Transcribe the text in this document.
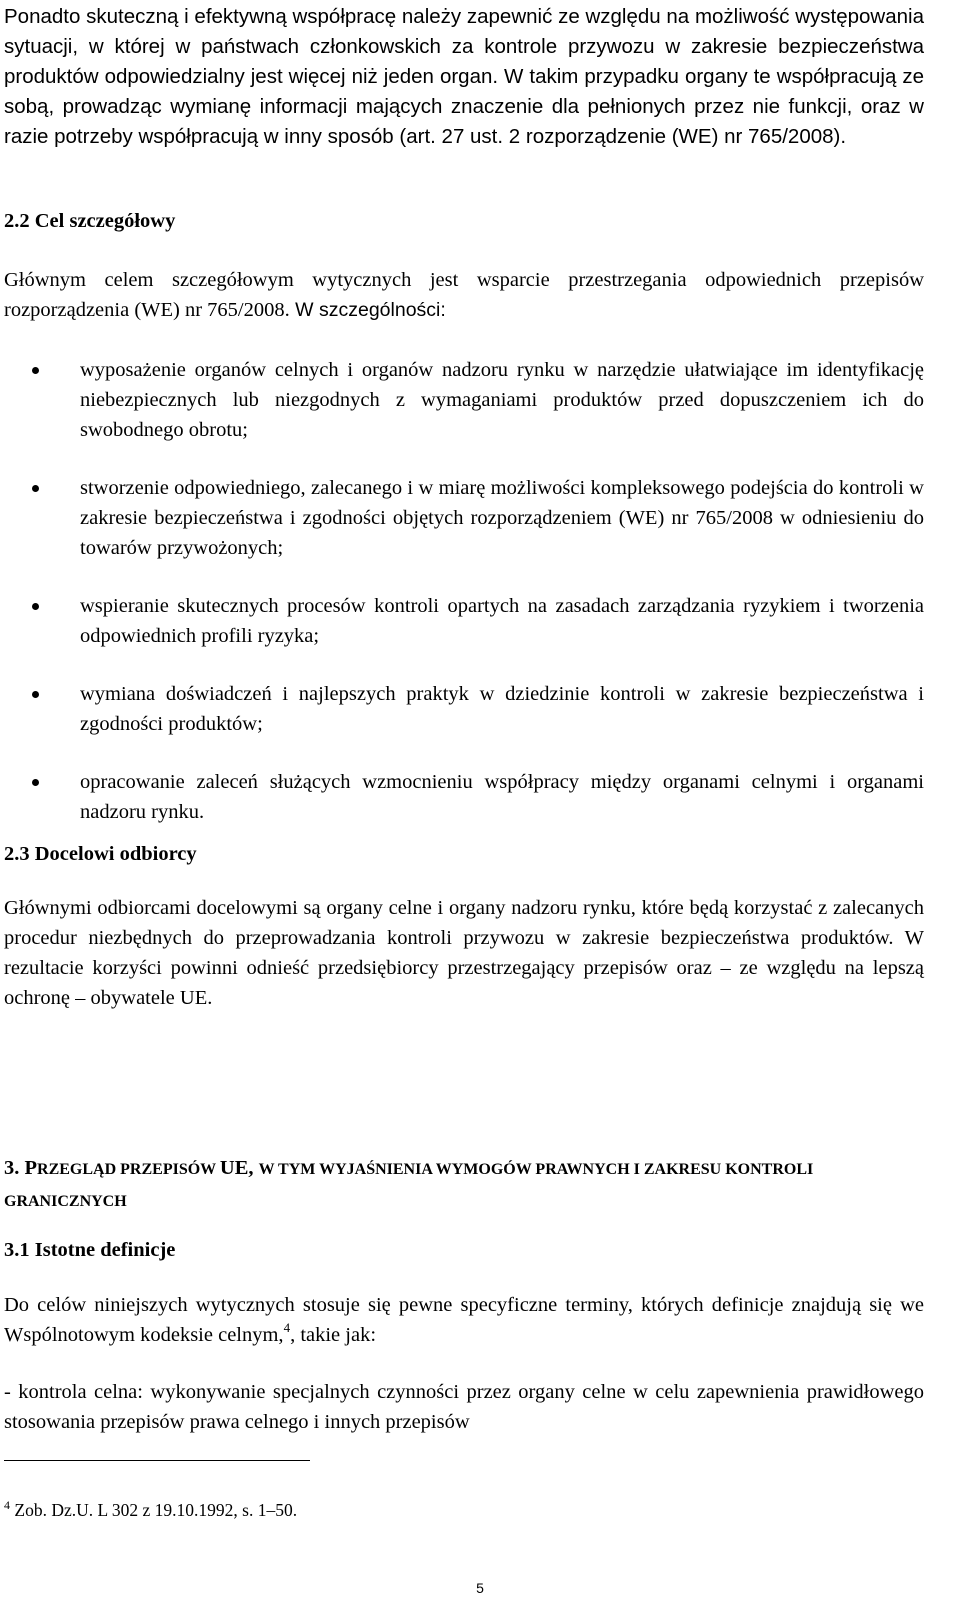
Ponadto skuteczną i efektywną współpracę należy zapewnić ze względu na możliwość występowania sytuacji, w której w państwach członkowskich za kontrole przywozu w zakresie bezpieczeństwa produktów odpowiedzialny jest więcej niż jeden organ. W takim przypadku organy te współpracują ze sobą, prowadząc wymianę informacji mających znaczenie dla pełnionych przez nie funkcji, oraz w razie potrzeby współpracują w inny sposób (art. 27 ust. 2 rozporządzenie (WE) nr 765/2008).

2.2 Cel szczegółowy

Głównym celem szczegółowym wytycznych jest wsparcie przestrzegania odpowiednich przepisów rozporządzenia (WE) nr 765/2008. W szczególności:

wyposażenie organów celnych i organów nadzoru rynku w narzędzie ułatwiające im identyfikację niebezpiecznych lub niezgodnych z wymaganiami produktów przed dopuszczeniem ich do swobodnego obrotu;
stworzenie odpowiedniego, zalecanego i w miarę możliwości kompleksowego podejścia do kontroli w zakresie bezpieczeństwa i zgodności objętych rozporządzeniem (WE) nr 765/2008 w odniesieniu do towarów przywożonych;
wspieranie skutecznych procesów kontroli opartych na zasadach zarządzania ryzykiem i tworzenia odpowiednich profili ryzyka;
wymiana doświadczeń i najlepszych praktyk w dziedzinie kontroli w zakresie bezpieczeństwa i zgodności produktów;
opracowanie zaleceń służących wzmocnieniu współpracy między organami celnymi i organami nadzoru rynku.
2.3 Docelowi odbiorcy

Głównymi odbiorcami docelowymi są organy celne i organy nadzoru rynku, które będą korzystać z zalecanych procedur niezbędnych do przeprowadzania kontroli przywozu w zakresie bezpieczeństwa produktów. W rezultacie korzyści powinni odnieść przedsiębiorcy przestrzegający przepisów oraz – ze względu na lepszą ochronę – obywatele UE.

3. PRZEGLĄD PRZEPISÓW UE, W TYM WYJAŚNIENIA WYMOGÓW PRAWNYCH I ZAKRESU KONTROLI GRANICZNYCH
3.1 Istotne definicje

Do celów niniejszych wytycznych stosuje się pewne specyficzne terminy, których definicje znajdują się we Wspólnotowym kodeksie celnym,$^4$, takie jak:

- kontrola celna: wykonywanie specjalnych czynności przez organy celne w celu zapewnienia prawidłowego stosowania przepisów prawa celnego i innych przepisów

$^4$ Zob. Dz.U. L 302 z 19.10.1992, s. 1–50.
5
